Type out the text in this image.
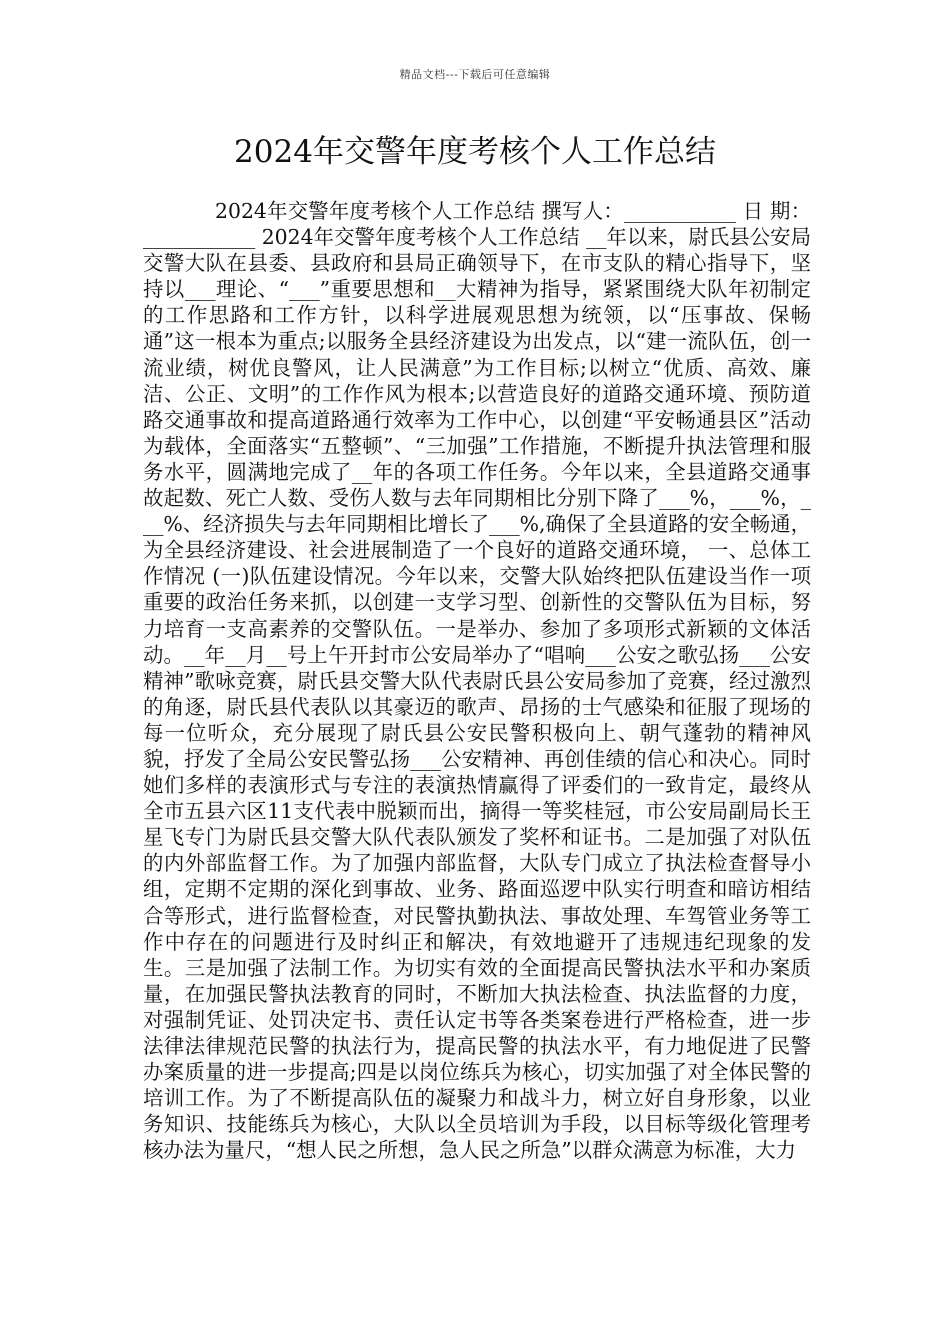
精品文档---下载后可任意编辑
2024年交警年度考核个人工作总结
2024年交警年度考核个人工作总结 撰写人：___________ 日 期：___________ 2024年交警年度考核个人工作总结 __年以来，尉氏县公安局交警大队在县委、县政府和县局正确领导下，在市支队的精心指导下，坚持以___理论、“___”重要思想和__大精神为指导，紧紧围绕大队年初制定的工作思路和工作方针，以科学进展观思想为统领，以“压事故、保畅通”这一根本为重点;以服务全县经济建设为出发点，以“建一流队伍，创一流业绩，树优良警风，让人民满意”为工作目标;以树立“优质、高效、廉洁、公正、文明”的工作作风为根本;以营造良好的道路交通环境、预防道路交通事故和提高道路通行效率为工作中心，以创建“平安畅通县区”活动为载体，全面落实“五整顿”、“三加强”工作措施，不断提升执法管理和服务水平，圆满地完成了__年的各项工作任务。今年以来，全县道路交通事故起数、死亡人数、受伤人数与去年同期相比分别下降了___%，___%，___%、经济损失与去年同期相比增长了___%,确保了全县道路的安全畅通，为全县经济建设、社会进展制造了一个良好的道路交通环境， 一、总体工作情况 (一)队伍建设情况。今年以来，交警大队始终把队伍建设当作一项重要的政治任务来抓，以创建一支学习型、创新性的交警队伍为目标，努力培育一支高素养的交警队伍。一是举办、参加了多项形式新颖的文体活动。__年__月__号上午开封市公安局举办了“唱响___公安之歌弘扬___公安精神”歌咏竞赛，尉氏县交警大队代表尉氏县公安局参加了竞赛，经过激烈的角逐，尉氏县代表队以其豪迈的歌声、昂扬的士气感染和征服了现场的每一位听众，充分展现了尉氏县公安民警积极向上、朝气蓬勃的精神风貌，抒发了全局公安民警弘扬___公安精神、再创佳绩的信心和决心。同时她们多样的表演形式与专注的表演热情赢得了评委们的一致肯定，最终从全市五县六区11支代表中脱颖而出，摘得一等奖桂冠，市公安局副局长王星飞专门为尉氏县交警大队代表队颁发了奖杯和证书。二是加强了对队伍的内外部监督工作。为了加强内部监督，大队专门成立了执法检查督导小组，定期不定期的深化到事故、业务、路面巡逻中队实行明查和暗访相结合等形式，进行监督检查，对民警执勤执法、事故处理、车驾管业务等工作中存在的问题进行及时纠正和解决，有效地避开了违规违纪现象的发生。三是加强了法制工作。为切实有效的全面提高民警执法水平和办案质量，在加强民警执法教育的同时，不断加大执法检查、执法监督的力度，对强制凭证、处罚决定书、责任认定书等各类案卷进行严格检查，进一步法律法律规范民警的执法行为，提高民警的执法水平，有力地促进了民警办案质量的进一步提高;四是以岗位练兵为核心，切实加强了对全体民警的培训工作。为了不断提高队伍的凝聚力和战斗力，树立好自身形象，以业务知识、技能练兵为核心，大队以全员培训为手段，以目标等级化管理考核办法为量尺，“想人民之所想，急人民之所急”以群众满意为标准，大力
